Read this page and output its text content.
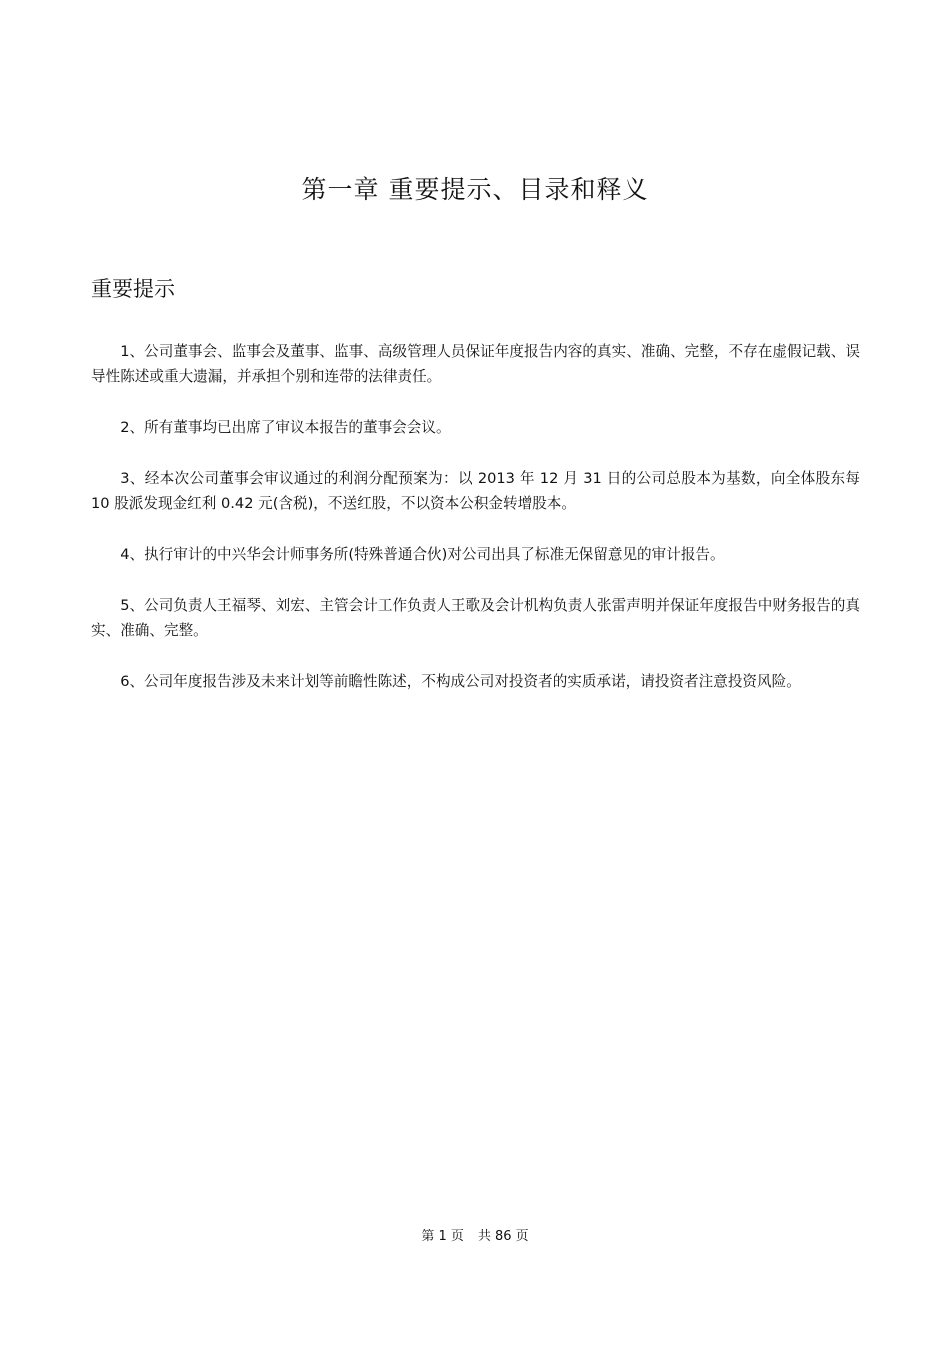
第一章 重要提示、目录和释义
重要提示

1、公司董事会、监事会及董事、监事、高级管理人员保证年度报告内容的真实、准确、完整，不存在虚假记载、误导性陈述或重大遗漏，并承担个别和连带的法律责任。

2、所有董事均已出席了审议本报告的董事会会议。

3、经本次公司董事会审议通过的利润分配预案为：以 2013 年 12 月 31 日的公司总股本为基数，向全体股东每 10 股派发现金红利 0.42 元(含税)，不送红股，不以资本公积金转增股本。

4、执行审计的中兴华会计师事务所(特殊普通合伙)对公司出具了标准无保留意见的审计报告。

5、公司负责人王福琴、刘宏、主管会计工作负责人王歌及会计机构负责人张雷声明并保证年度报告中财务报告的真实、准确、完整。

6、公司年度报告涉及未来计划等前瞻性陈述，不构成公司对投资者的实质承诺，请投资者注意投资风险。

第 1 页 共 86 页
